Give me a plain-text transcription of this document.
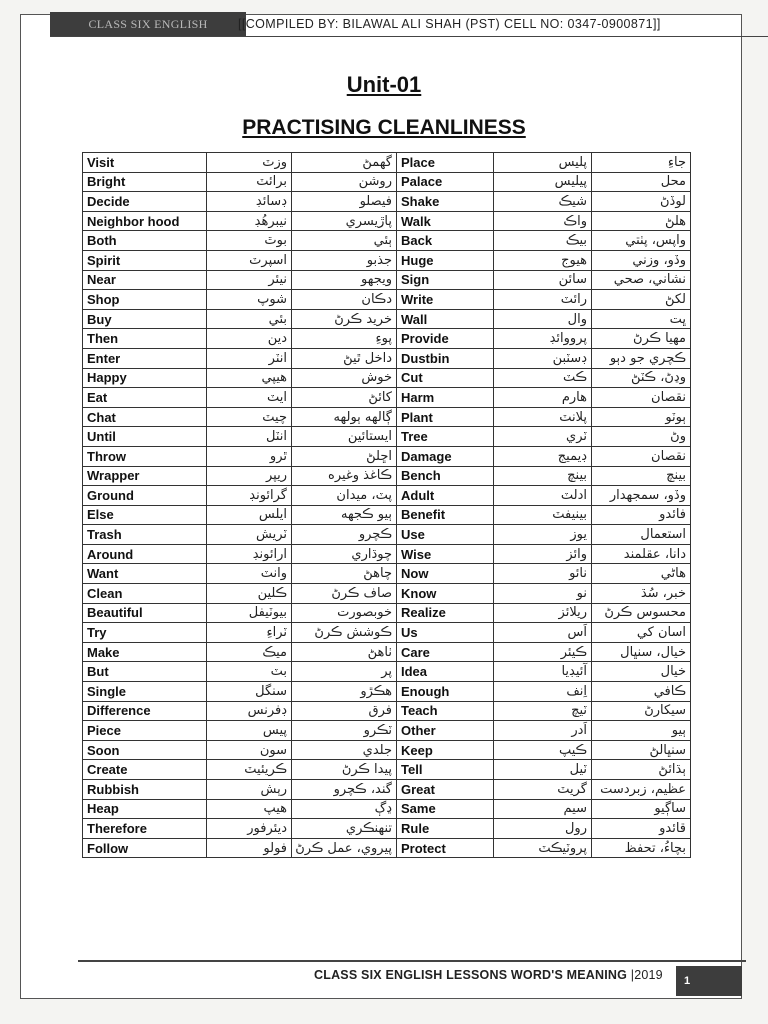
CLASS SIX ENGLISH	[[COMPILED BY: BILAWAL ALI SHAH (PST) CELL NO: 0347-0900871]]
Unit-01
PRACTISING CLEANLINESS
Visit	وزٽ	گهمڻ	Place	پليس	جاءِ
Bright	برائٽ	روشن	Palace	پيليس	محل
Decide	ڊسائڊ	فيصلو	Shake	شيڪ	لوڏڻ
Neighbor hood	نيبرهُڊ	پاڙيسري	Walk	واڪ	هلڻ
Both	بوٿ	ٻئي	Back	بيڪ	واپس، پٺتي
Spirit	اسپرٽ	جذبو	Huge	هيوج	وڏو، وزني
Near	نيئر	ويجهو	Sign	سائن	نشاني، صحي
Shop	شوپ	دڪان	Write	رائٽ	لکڻ
Buy	بئي	خريد ڪرڻ	Wall	وال	ڀت
Then	دين	پوءِ	Provide	پرووائڊ	مهيا ڪرڻ
Enter	انٽر	داخل ٿيڻ	Dustbin	ڊسٽبن	ڪچري جو دٻو
Happy	هيپي	خوش	Cut	ڪٽ	وڍڻ، ڪٽڻ
Eat	ايٽ	کائڻ	Harm	هارم	نقصان
Chat	چيٽ	ڳالهه ٻولهه	Plant	پلانٽ	ٻوٽو
Until	انٽل	ايستائين	Tree	ٽري	وڻ
Throw	ٿرو	اڇلڻ	Damage	ڊيميج	نقصان
Wrapper	ريپر	ڪاغذ وغيره	Bench	بينچ	بينچ
Ground	گرائونڊ	پٽ، ميدان	Adult	ادلٽ	وڏو، سمجهدار
Else	ايلس	ٻيو ڪجهه	Benefit	بينيفٽ	فائدو
Trash	ٽريش	ڪچرو	Use	يوز	استعمال
Around	ارائونڊ	چوڌاري	Wise	وائز	دانا، عقلمند
Want	وانٽ	چاهڻ	Now	نائو	هاڻي
Clean	ڪلين	صاف ڪرڻ	Know	نو	خبر، سُڌ
Beautiful	بيوٽيفل	خوبصورت	Realize	ريلائز	محسوس ڪرڻ
Try	ٽراءِ	ڪوشش ڪرڻ	Us	اَس	اسان کي
Make	ميڪ	ٺاهڻ	Care	ڪيئر	خيال، سنڀال
But	بٽ	پر	Idea	آئيڊيا	خيال
Single	سنگل	هڪڙو	Enough	اِنف	ڪافي
Difference	ڊفرنس	فرق	Teach	ٽيچ	سيکارڻ
Piece	پيس	ٽڪرو	Other	اَدر	ٻيو
Soon	سون	جلدي	Keep	ڪيپ	سنڀالڻ
Create	ڪريئيٽ	پيدا ڪرڻ	Tell	ٽيل	ٻڌائڻ
Rubbish	رٻش	گند، ڪچرو	Great	گريٽ	عظيم، زبردست
Heap	هيپ	ڍڳ	Same	سيم	ساڳيو
Therefore	ديئرفور	تنهنڪري	Rule	رول	قائدو
Follow	فولو	پيروي، عمل ڪرڻ	Protect	پروٽيڪٽ	بچاءُ، تحفظ
CLASS SIX ENGLISH LESSONS WORD'S MEANING |2019	1
